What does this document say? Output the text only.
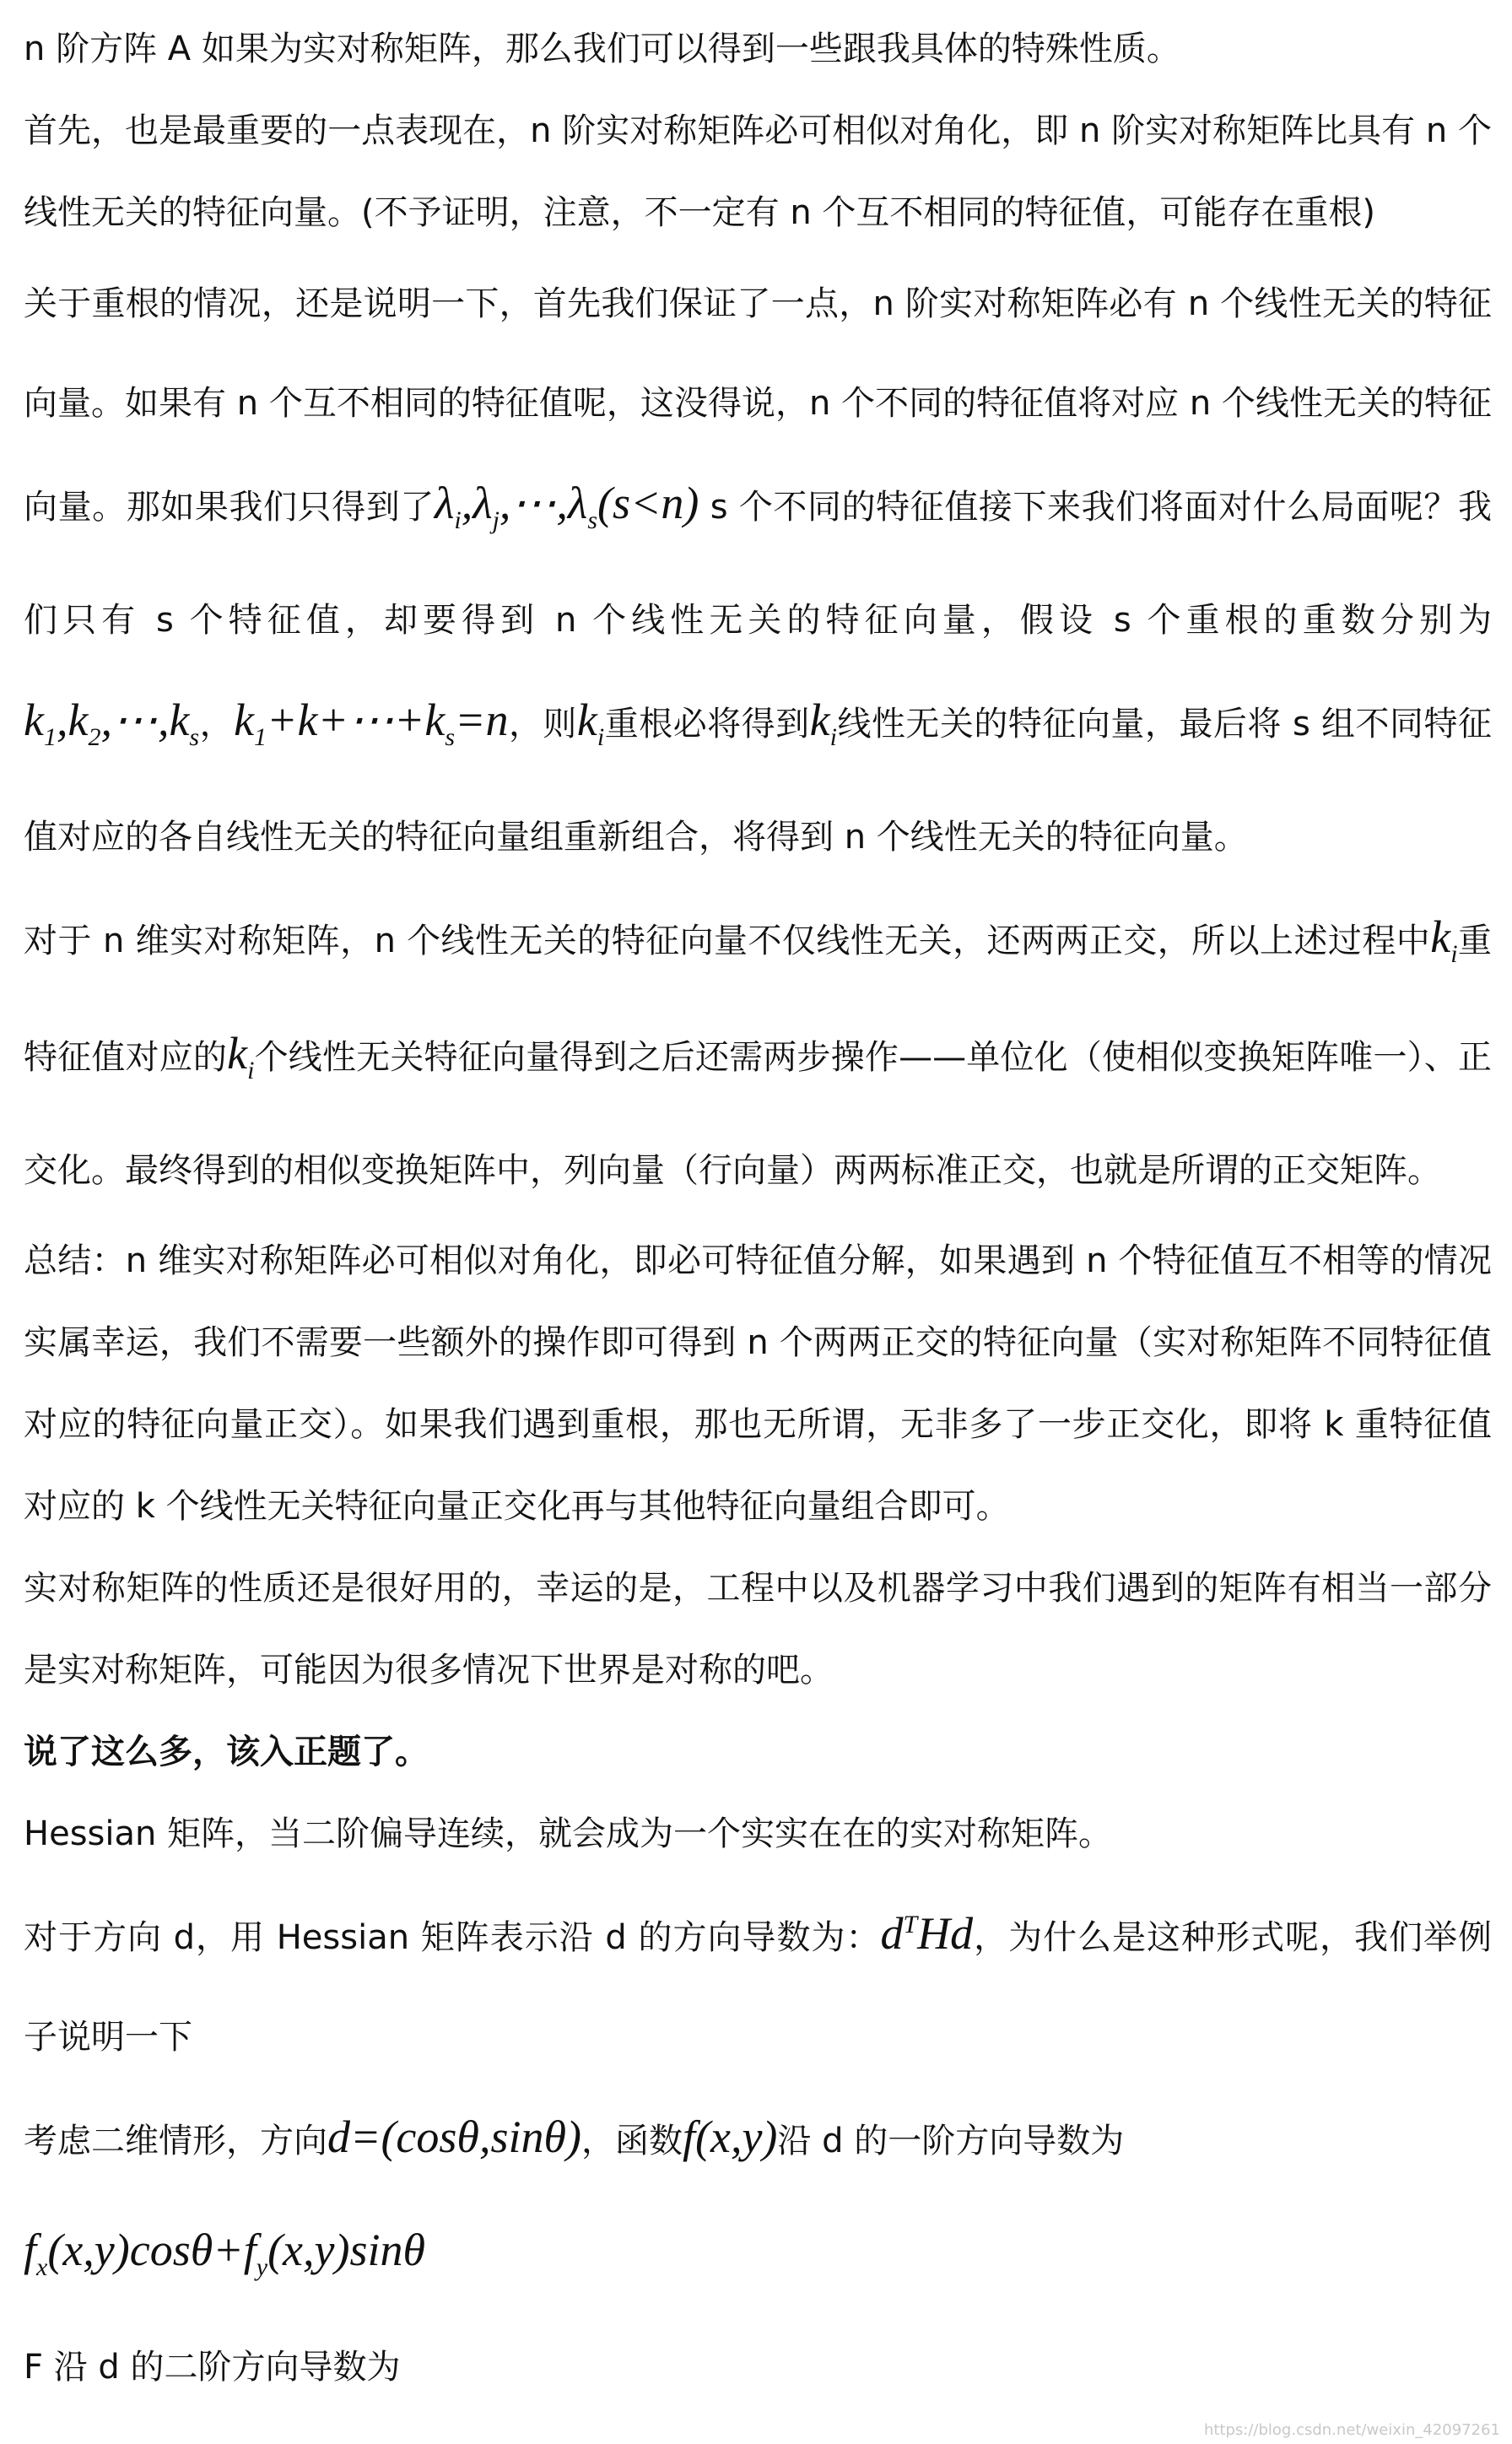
n 阶方阵 A 如果为实对称矩阵，那么我们可以得到一些跟我具体的特殊性质。

首先，也是最重要的一点表现在，n 阶实对称矩阵必可相似对角化，即 n 阶实对称矩阵比具有 n 个线性无关的特征向量。(不予证明，注意，不一定有 n 个互不相同的特征值，可能存在重根)

关于重根的情况，还是说明一下，首先我们保证了一点，n 阶实对称矩阵必有 n 个线性无关的特征向量。如果有 n 个互不相同的特征值呢，这没得说，n 个不同的特征值将对应 n 个线性无关的特征向量。那如果我们只得到了$\lambda_i,\lambda_j,\cdots,\lambda_s(s<n)$ s 个不同的特征值接下来我们将面对什么局面呢？我们只有 s 个特征值，却要得到 n 个线性无关的特征向量，假设 s 个重根的重数分别为$k_1,k_2,\cdots,k_s$，$k_1+k+\cdots+k_s=n$，则$k_i$重根必将得到$k_i$线性无关的特征向量，最后将 s 组不同特征值对应的各自线性无关的特征向量组重新组合，将得到 n 个线性无关的特征向量。

对于 n 维实对称矩阵，n 个线性无关的特征向量不仅线性无关，还两两正交，所以上述过程中$k_i$重特征值对应的$k_i$个线性无关特征向量得到之后还需两步操作——单位化（使相似变换矩阵唯一）、正交化。最终得到的相似变换矩阵中，列向量（行向量）两两标准正交，也就是所谓的正交矩阵。

总结：n 维实对称矩阵必可相似对角化，即必可特征值分解，如果遇到 n 个特征值互不相等的情况实属幸运，我们不需要一些额外的操作即可得到 n 个两两正交的特征向量（实对称矩阵不同特征值对应的特征向量正交）。如果我们遇到重根，那也无所谓，无非多了一步正交化，即将 k 重特征值对应的 k 个线性无关特征向量正交化再与其他特征向量组合即可。

实对称矩阵的性质还是很好用的，幸运的是，工程中以及机器学习中我们遇到的矩阵有相当一部分是实对称矩阵，可能因为很多情况下世界是对称的吧。

说了这么多，该入正题了。

Hessian 矩阵，当二阶偏导连续，就会成为一个实实在在的实对称矩阵。

对于方向 d，用 Hessian 矩阵表示沿 d 的方向导数为：$d^THd$，为什么是这种形式呢，我们举例子说明一下

考虑二维情形，方向d=(cosθ,sinθ)，函数f(x,y)沿 d 的一阶方向导数为

$f_x(x,y)\cos\theta+f_y(x,y)\sin\theta$

F 沿 d 的二阶方向导数为

https://blog.csdn.net/weixin_42097261
